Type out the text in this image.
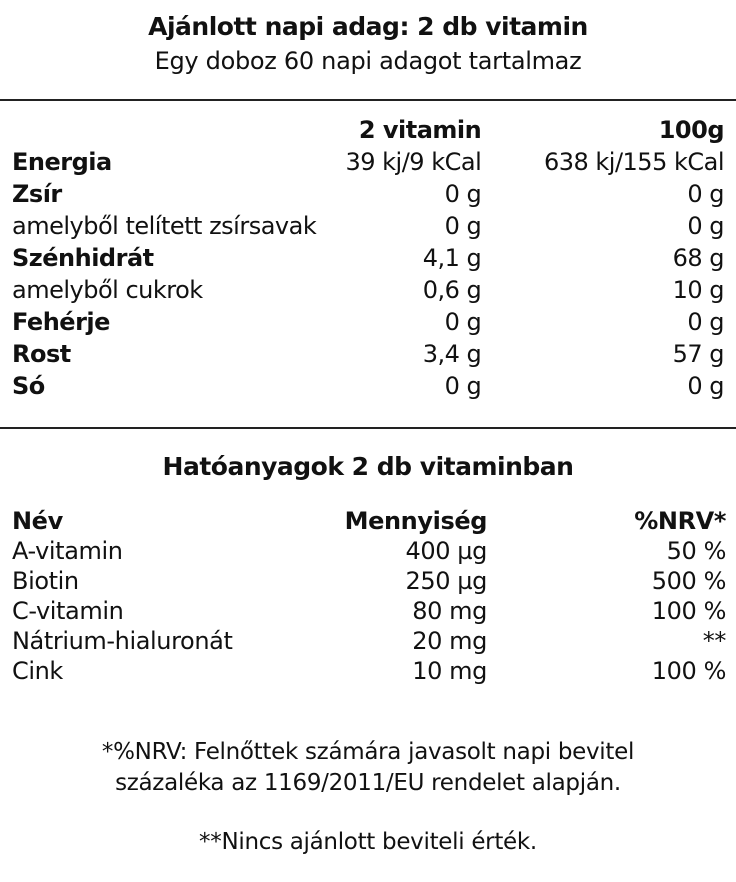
Ajánlott napi adag: 2 db vitamin
Egy doboz 60 napi adagot tartalmaz
	2 vitamin	100g
Energia	39 kj/9 kCal	638 kj/155 kCal
Zsír	0 g	0 g
amelyből telített zsírsavak	0 g	0 g
Szénhidrát	4,1 g	68 g
amelyből cukrok	0,6 g	10 g
Fehérje	0 g	0 g
Rost	3,4 g	57 g
Só	0 g	0 g
Hatóanyagok 2 db vitaminban
Név	Mennyiség	%NRV*
A-vitamin	400 µg	50 %
Biotin	250 µg	500 %
C-vitamin	80 mg	100 %
Nátrium-hialuronát	20 mg	**
Cink	10 mg	100 %
*%NRV: Felnőttek számára javasolt napi bevitel
százaléka az 1169/2011/EU rendelet alapján.
**Nincs ajánlott beviteli érték.
